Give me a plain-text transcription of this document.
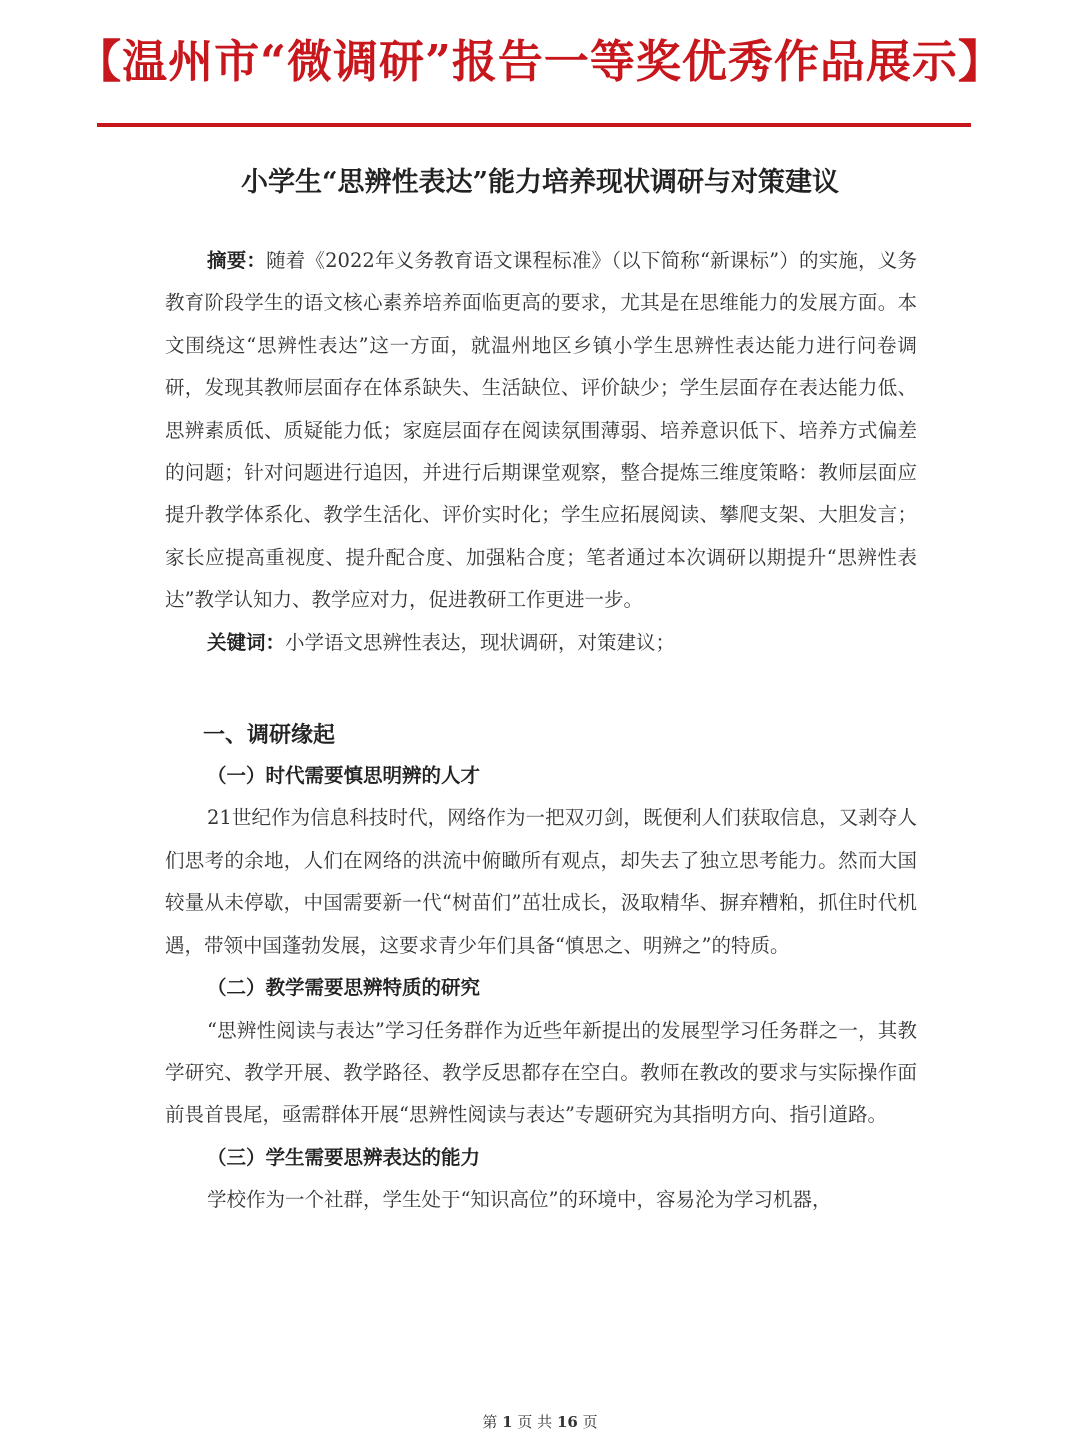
【温州市“微调研”报告一等奖优秀作品展示】
小学生“思辨性表达”能力培养现状调研与对策建议

摘要：随着《2022年义务教育语文课程标准》（以下简称“新课标”）的实施，义务教育阶段学生的语文核心素养培养面临更高的要求，尤其是在思维能力的发展方面。本文围绕这“思辨性表达”这一方面，就温州地区乡镇小学生思辨性表达能力进行问卷调研，发现其教师层面存在体系缺失、生活缺位、评价缺少；学生层面存在表达能力低、思辨素质低、质疑能力低；家庭层面存在阅读氛围薄弱、培养意识低下、培养方式偏差的问题；针对问题进行追因，并进行后期课堂观察，整合提炼三维度策略：教师层面应提升教学体系化、教学生活化、评价实时化；学生应拓展阅读、攀爬支架、大胆发言；家长应提高重视度、提升配合度、加强粘合度；笔者通过本次调研以期提升“思辨性表达”教学认知力、教学应对力，促进教研工作更进一步。

关键词：小学语文思辨性表达，现状调研，对策建议；

一、调研缘起

（一）时代需要慎思明辨的人才

21世纪作为信息科技时代，网络作为一把双刃剑，既便利人们获取信息，又剥夺人们思考的余地，人们在网络的洪流中俯瞰所有观点，却失去了独立思考能力。然而大国较量从未停歇，中国需要新一代“树苗们”茁壮成长，汲取精华、摒弃糟粕，抓住时代机遇，带领中国蓬勃发展，这要求青少年们具备“慎思之、明辨之”的特质。

（二）教学需要思辨特质的研究

“思辨性阅读与表达”学习任务群作为近些年新提出的发展型学习任务群之一，其教学研究、教学开展、教学路径、教学反思都存在空白。教师在教改的要求与实际操作面前畏首畏尾，亟需群体开展“思辨性阅读与表达”专题研究为其指明方向、指引道路。

（三）学生需要思辨表达的能力

学校作为一个社群，学生处于“知识高位”的环境中，容易沦为学习机器，

第 1 页 共 16 页
